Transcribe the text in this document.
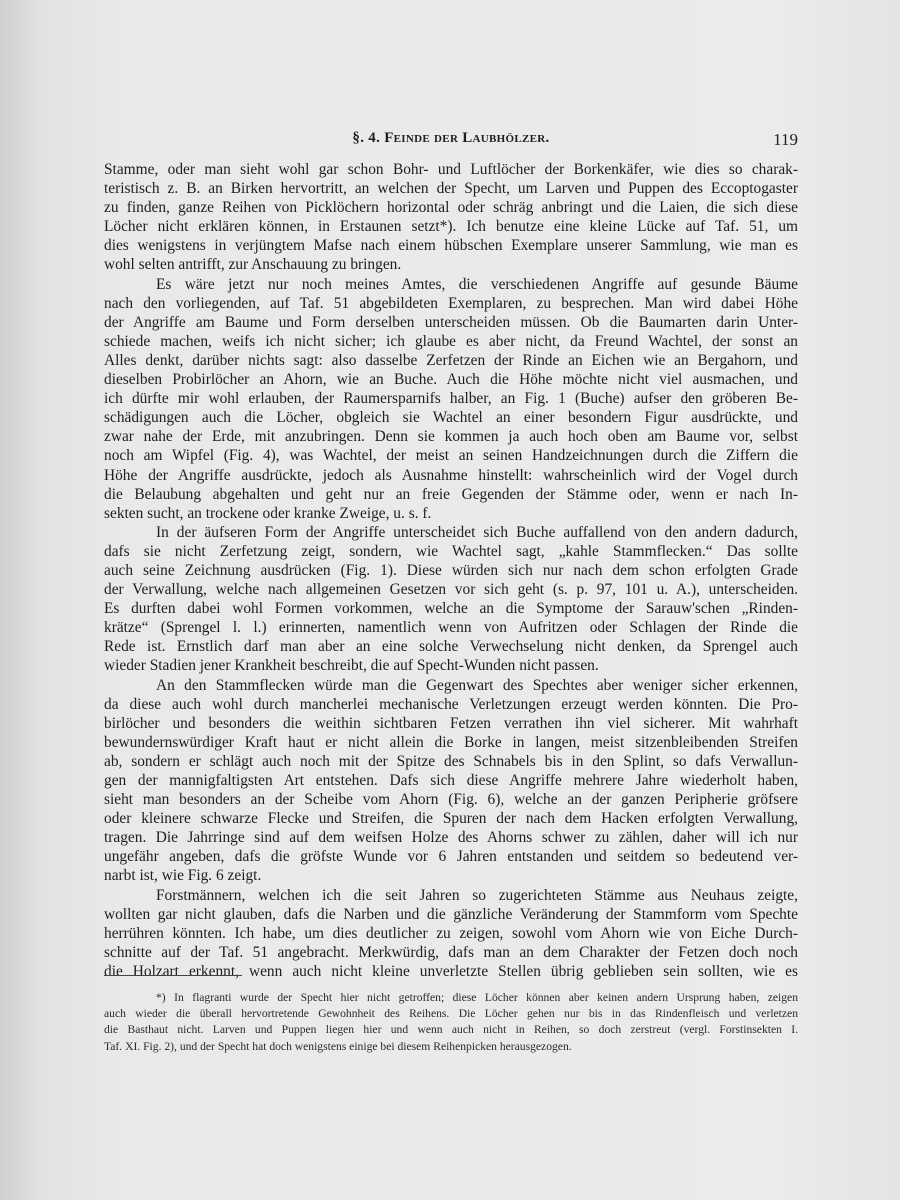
§. 4. Feinde der Laubhölzer.	119
Stamme, oder man sieht wohl gar schon Bohr- und Luftlöcher der Borkenkäfer, wie dies so charak-
teristisch z. B. an Birken hervortritt, an welchen der Specht, um Larven und Puppen des Eccoptogaster
zu finden, ganze Reihen von Picklöchern horizontal oder schräg anbringt und die Laien, die sich diese
Löcher nicht erklären können, in Erstaunen setzt*). Ich benutze eine kleine Lücke auf Taf. 51, um
dies wenigstens in verjüngtem Mafse nach einem hübschen Exemplare unserer Sammlung, wie man es
wohl selten antrifft, zur Anschauung zu bringen.
Es wäre jetzt nur noch meines Amtes, die verschiedenen Angriffe auf gesunde Bäume
nach den vorliegenden, auf Taf. 51 abgebildeten Exemplaren, zu besprechen. Man wird dabei Höhe
der Angriffe am Baume und Form derselben unterscheiden müssen. Ob die Baumarten darin Unter-
schiede machen, weifs ich nicht sicher; ich glaube es aber nicht, da Freund Wachtel, der sonst an
Alles denkt, darüber nichts sagt: also dasselbe Zerfetzen der Rinde an Eichen wie an Bergahorn, und
dieselben Probirlöcher an Ahorn, wie an Buche. Auch die Höhe möchte nicht viel ausmachen, und
ich dürfte mir wohl erlauben, der Raumersparnifs halber, an Fig. 1 (Buche) aufser den gröberen Be-
schädigungen auch die Löcher, obgleich sie Wachtel an einer besondern Figur ausdrückte, und
zwar nahe der Erde, mit anzubringen. Denn sie kommen ja auch hoch oben am Baume vor, selbst
noch am Wipfel (Fig. 4), was Wachtel, der meist an seinen Handzeichnungen durch die Ziffern die
Höhe der Angriffe ausdrückte, jedoch als Ausnahme hinstellt: wahrscheinlich wird der Vogel durch
die Belaubung abgehalten und geht nur an freie Gegenden der Stämme oder, wenn er nach In-
sekten sucht, an trockene oder kranke Zweige, u. s. f.
In der äufseren Form der Angriffe unterscheidet sich Buche auffallend von den andern dadurch,
dafs sie nicht Zerfetzung zeigt, sondern, wie Wachtel sagt, „kahle Stammflecken.“ Das sollte
auch seine Zeichnung ausdrücken (Fig. 1). Diese würden sich nur nach dem schon erfolgten Grade
der Verwallung, welche nach allgemeinen Gesetzen vor sich geht (s. p. 97, 101 u. A.), unterscheiden.
Es durften dabei wohl Formen vorkommen, welche an die Symptome der Sarauw'schen „Rinden-
krätze“ (Sprengel l. l.) erinnerten, namentlich wenn von Aufritzen oder Schlagen der Rinde die
Rede ist. Ernstlich darf man aber an eine solche Verwechselung nicht denken, da Sprengel auch
wieder Stadien jener Krankheit beschreibt, die auf Specht-Wunden nicht passen.
An den Stammflecken würde man die Gegenwart des Spechtes aber weniger sicher erkennen,
da diese auch wohl durch mancherlei mechanische Verletzungen erzeugt werden könnten. Die Pro-
birlöcher und besonders die weithin sichtbaren Fetzen verrathen ihn viel sicherer. Mit wahrhaft
bewundernswürdiger Kraft haut er nicht allein die Borke in langen, meist sitzenbleibenden Streifen
ab, sondern er schlägt auch noch mit der Spitze des Schnabels bis in den Splint, so dafs Verwallun-
gen der mannigfaltigsten Art entstehen. Dafs sich diese Angriffe mehrere Jahre wiederholt haben,
sieht man besonders an der Scheibe vom Ahorn (Fig. 6), welche an der ganzen Peripherie gröfsere
oder kleinere schwarze Flecke und Streifen, die Spuren der nach dem Hacken erfolgten Verwallung,
tragen. Die Jahrringe sind auf dem weifsen Holze des Ahorns schwer zu zählen, daher will ich nur
ungefähr angeben, dafs die gröfste Wunde vor 6 Jahren entstanden und seitdem so bedeutend ver-
narbt ist, wie Fig. 6 zeigt.
Forstmännern, welchen ich die seit Jahren so zugerichteten Stämme aus Neuhaus zeigte,
wollten gar nicht glauben, dafs die Narben und die gänzliche Veränderung der Stammform vom Spechte
herrühren könnten. Ich habe, um dies deutlicher zu zeigen, sowohl vom Ahorn wie von Eiche Durch-
schnitte auf der Taf. 51 angebracht. Merkwürdig, dafs man an dem Charakter der Fetzen doch noch
die Holzart erkennt, wenn auch nicht kleine unverletzte Stellen übrig geblieben sein sollten, wie es
*) In flagranti wurde der Specht hier nicht getroffen; diese Löcher können aber keinen andern Ursprung haben, zeigen
auch wieder die überall hervortretende Gewohnheit des Reihens. Die Löcher gehen nur bis in das Rindenfleisch und verletzen
die Basthaut nicht. Larven und Puppen liegen hier und wenn auch nicht in Reihen, so doch zerstreut (vergl. Forstinsekten I.
Taf. XI. Fig. 2), und der Specht hat doch wenigstens einige bei diesem Reihenpicken herausgezogen.
